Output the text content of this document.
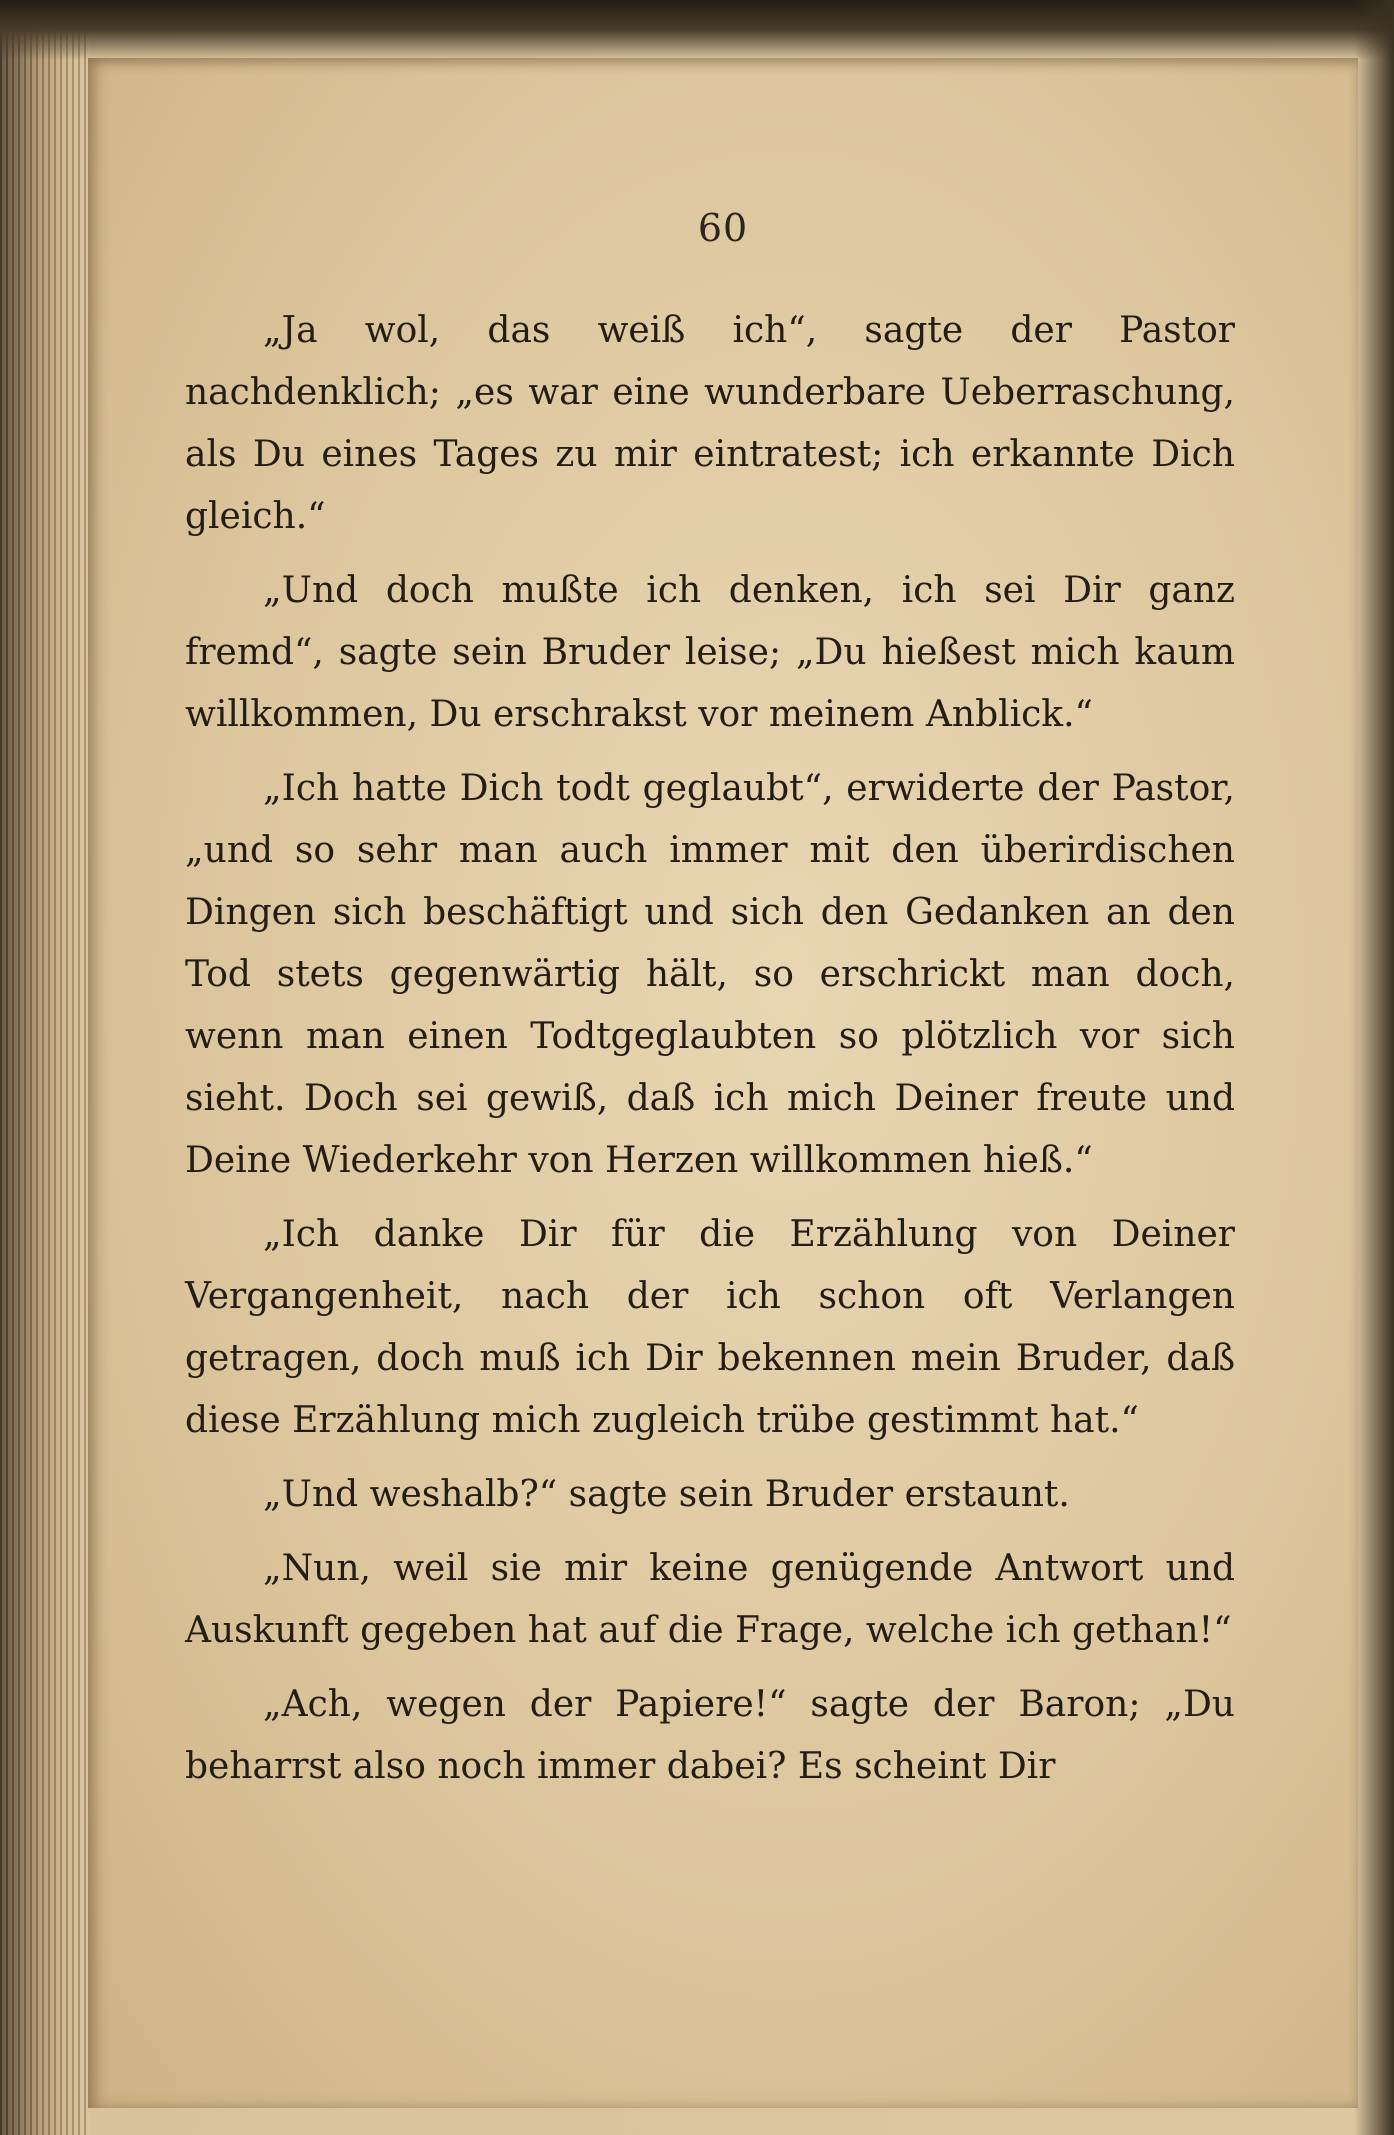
60

„Ja wol, das weiß ich“, sagte der Pastor nachdenklich; „es war eine wunderbare Ueberraschung, als Du eines Tages zu mir eintratest; ich erkannte Dich gleich.“

„Und doch mußte ich denken, ich sei Dir ganz fremd“, sagte sein Bruder leise; „Du hießest mich kaum willkommen, Du erschrakst vor meinem Anblick.“

„Ich hatte Dich todt geglaubt“, erwiderte der Pastor, „und so sehr man auch immer mit den überirdischen Dingen sich beschäftigt und sich den Gedanken an den Tod stets gegenwärtig hält, so erschrickt man doch, wenn man einen Todtgeglaubten so plötzlich vor sich sieht. Doch sei gewiß, daß ich mich Deiner freute und Deine Wiederkehr von Herzen willkommen hieß.“

„Ich danke Dir für die Erzählung von Deiner Vergangenheit, nach der ich schon oft Verlangen getragen, doch muß ich Dir bekennen mein Bruder, daß diese Erzählung mich zugleich trübe gestimmt hat.“

„Und weshalb?“ sagte sein Bruder erstaunt.

„Nun, weil sie mir keine genügende Antwort und Auskunft gegeben hat auf die Frage, welche ich gethan!“

„Ach, wegen der Papiere!“ sagte der Baron; „Du beharrst also noch immer dabei? Es scheint Dir
